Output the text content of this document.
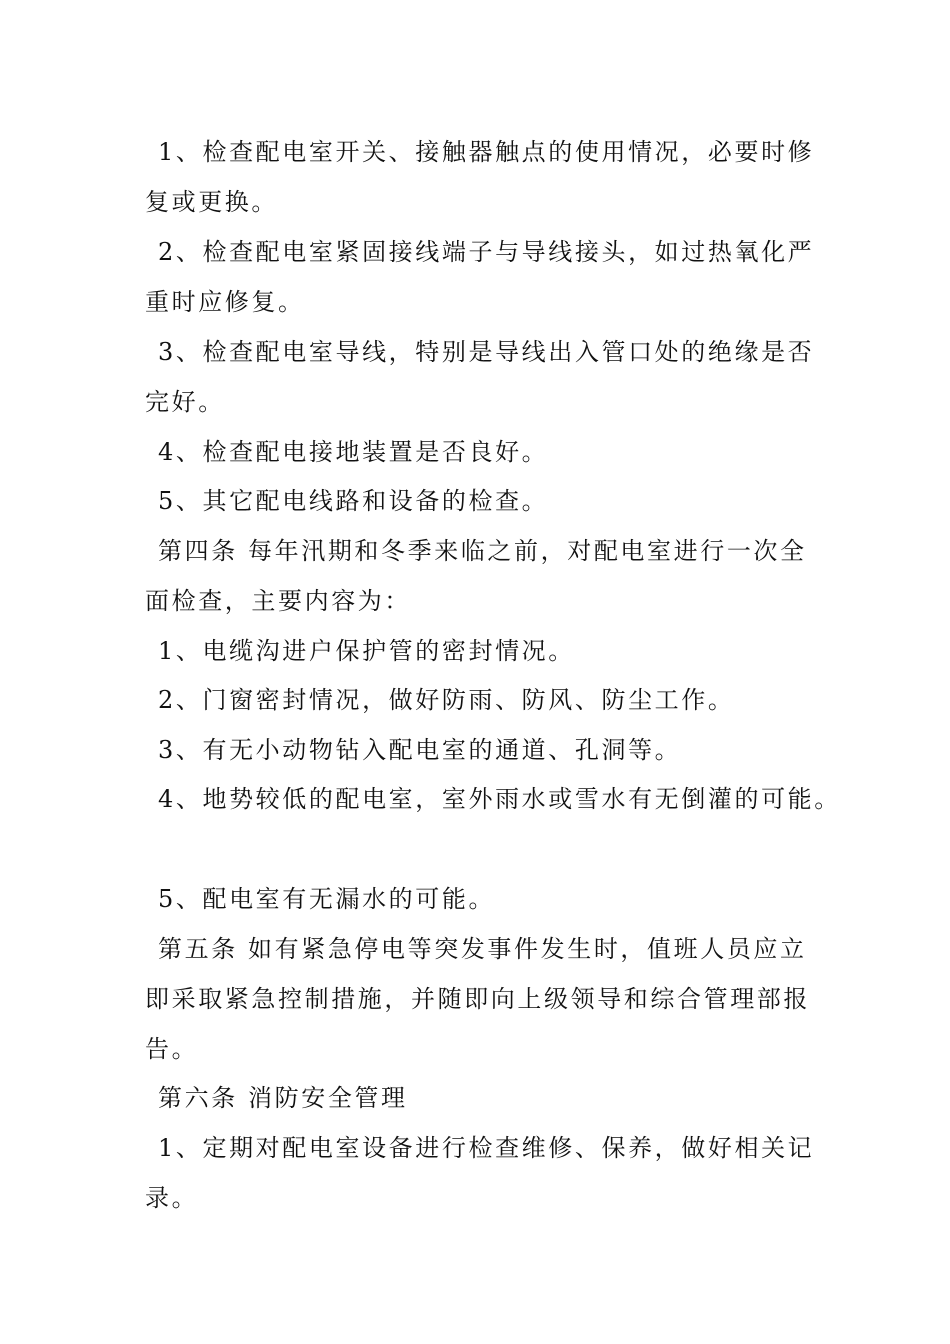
1、检查配电室开关、接触器触点的使用情况，必要时修
复或更换。
2、检查配电室紧固接线端子与导线接头，如过热氧化严
重时应修复。
3、检查配电室导线，特别是导线出入管口处的绝缘是否
完好。
4、检查配电接地装置是否良好。
5、其它配电线路和设备的检查。
第四条 每年汛期和冬季来临之前，对配电室进行一次全
面检查，主要内容为：
1、电缆沟进户保护管的密封情况。
2、门窗密封情况，做好防雨、防风、防尘工作。
3、有无小动物钻入配电室的通道、孔洞等。
4、地势较低的配电室，室外雨水或雪水有无倒灌的可能。
5、配电室有无漏水的可能。
第五条 如有紧急停电等突发事件发生时，值班人员应立
即采取紧急控制措施，并随即向上级领导和综合管理部报
告。
第六条 消防安全管理
1、定期对配电室设备进行检查维修、保养，做好相关记
录。
